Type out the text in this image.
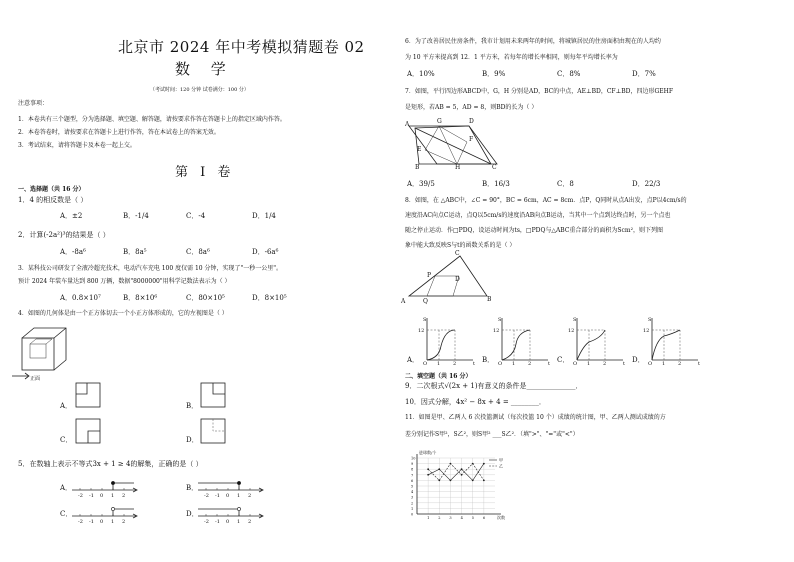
北京市 2024 年中考模拟猜题卷 02
数 学
（考试时间：120 分钟 试卷满分：100 分）
注意事项：
1．本卷共有三个题型，分为选择题、填空题、解答题，请按要求作答在答题卡上的指定区域内作答。
2．本卷答卷时，请按要求在答题卡上进行作答，答在本试卷上的答案无效。
3．考试结束，请将答题卡及本卷一起上交。
第 I 卷
一、选择题（共 16 分）
1．4 的相反数是（ ）
A．±2	B．-1/4	C．-4	D．1/4
2．计算(-2a²)³的结果是（ ）
A．-8a⁶	B．8a⁵	C．8a⁶	D．-6a⁶
3．某科技公司研发了全液冷超充技术，电动汽车充电 100 度仅需 10 分钟，实现了"一秒一公里"。
预计 2024 年装车量达到 800 万辆，数据"8000000"用科学记数法表示为（ ）
A．0.8×10⁷	B．8×10⁶	C．80×10⁵	D．8×10⁵
4．如图的几何体是由一个正方体切去一个小正方体形成的，它的左视图是（ ）
正面
A．	B．
C．	D．
5．在数轴上表示不等式3x + 1 ≥ 4的解集，正确的是（ ）
A．	B．
C．	D．
-2 -1 0 1 2	-2 -1 0 1 2
-2 -1 0 1 2	-2 -1 0 1 2
6．为了改善居民住房条件，我市计划用未来两年的时间，将城镇居民的住房面积由现在的人均约
为 10 平方米提高到 12．1 平方米，若每年的增长率相同，则每年平均增长率为
A．10%	B．9%	C．8%	D．7%
7．如图，平行四边形ABCD中，G，H 分别是AD，BC的中点，AE⊥BD，CF⊥BD，四边形GEHF
是矩形，若AB = 5，AD = 8，则BD的长为（ ）
A	G	D
E
F
B	H	C
A．39/5	B．16/3	C．8	D．22/3
8．如图，在 △ABC中，∠C = 90°，BC = 6cm，AC = 8cm．点P，Q同时从点A出发，点P以4cm/s的
速度沿AC向点C运动，点Q以5cm/s的速度沿AB向点B运动，当其中一个点到达终点时，另一个点也
随之停止运动．作□PDQ，设运动时间为ts，□PDQ与△ABC重合部分的面积为Scm²，则下列图
象中能大致反映S与t的函数关系的是（ ）
C
P
D
A	Q	B
A．	B．	C．	D．
S
12
O 1	2	t
S
12
O 1	2	t
S
12
O 1	2	t
S
12
O 1	2	t
二、填空题（共 16 分）
9．二次根式√(2x + 1)有意义的条件是______________．
10．因式分解，4x² − 8x + 4 = ________．
11．如图是甲、乙两人 6 次投篮测试（每次投篮 10 个）成绩的统计图，甲、乙两人测试成绩的方
差分别记作S甲²，S乙²，则S甲² ___S乙²．（填">"、"="或"<"）
0
1
2
3
4
5
6
7
8
9
10
1	2	3	4	5	6
进球数/个
次数
甲
乙
